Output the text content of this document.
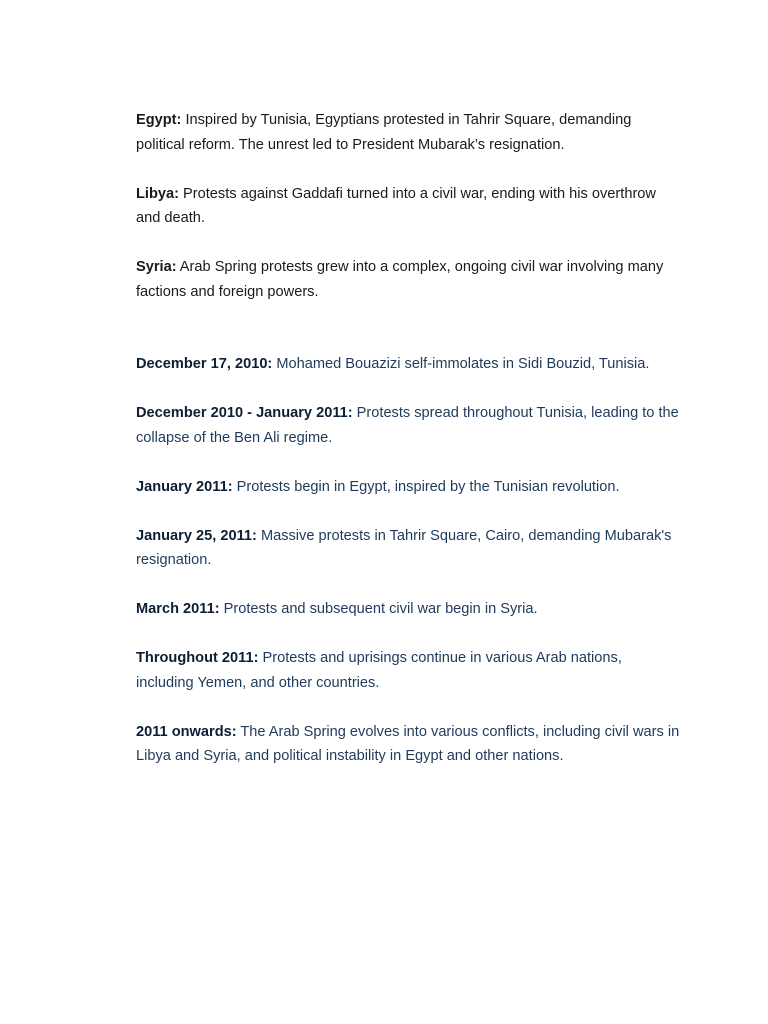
Egypt: Inspired by Tunisia, Egyptians protested in Tahrir Square, demanding political reform. The unrest led to President Mubarak’s resignation.

Libya: Protests against Gaddafi turned into a civil war, ending with his overthrow and death.

Syria: Arab Spring protests grew into a complex, ongoing civil war involving many factions and foreign powers.

December 17, 2010: Mohamed Bouazizi self-immolates in Sidi Bouzid, Tunisia.

December 2010 - January 2011: Protests spread throughout Tunisia, leading to the collapse of the Ben Ali regime.

January 2011: Protests begin in Egypt, inspired by the Tunisian revolution.

January 25, 2011: Massive protests in Tahrir Square, Cairo, demanding Mubarak's resignation.

March 2011: Protests and subsequent civil war begin in Syria.

Throughout 2011: Protests and uprisings continue in various Arab nations, including Yemen, and other countries.

2011 onwards: The Arab Spring evolves into various conflicts, including civil wars in Libya and Syria, and political instability in Egypt and other nations.
